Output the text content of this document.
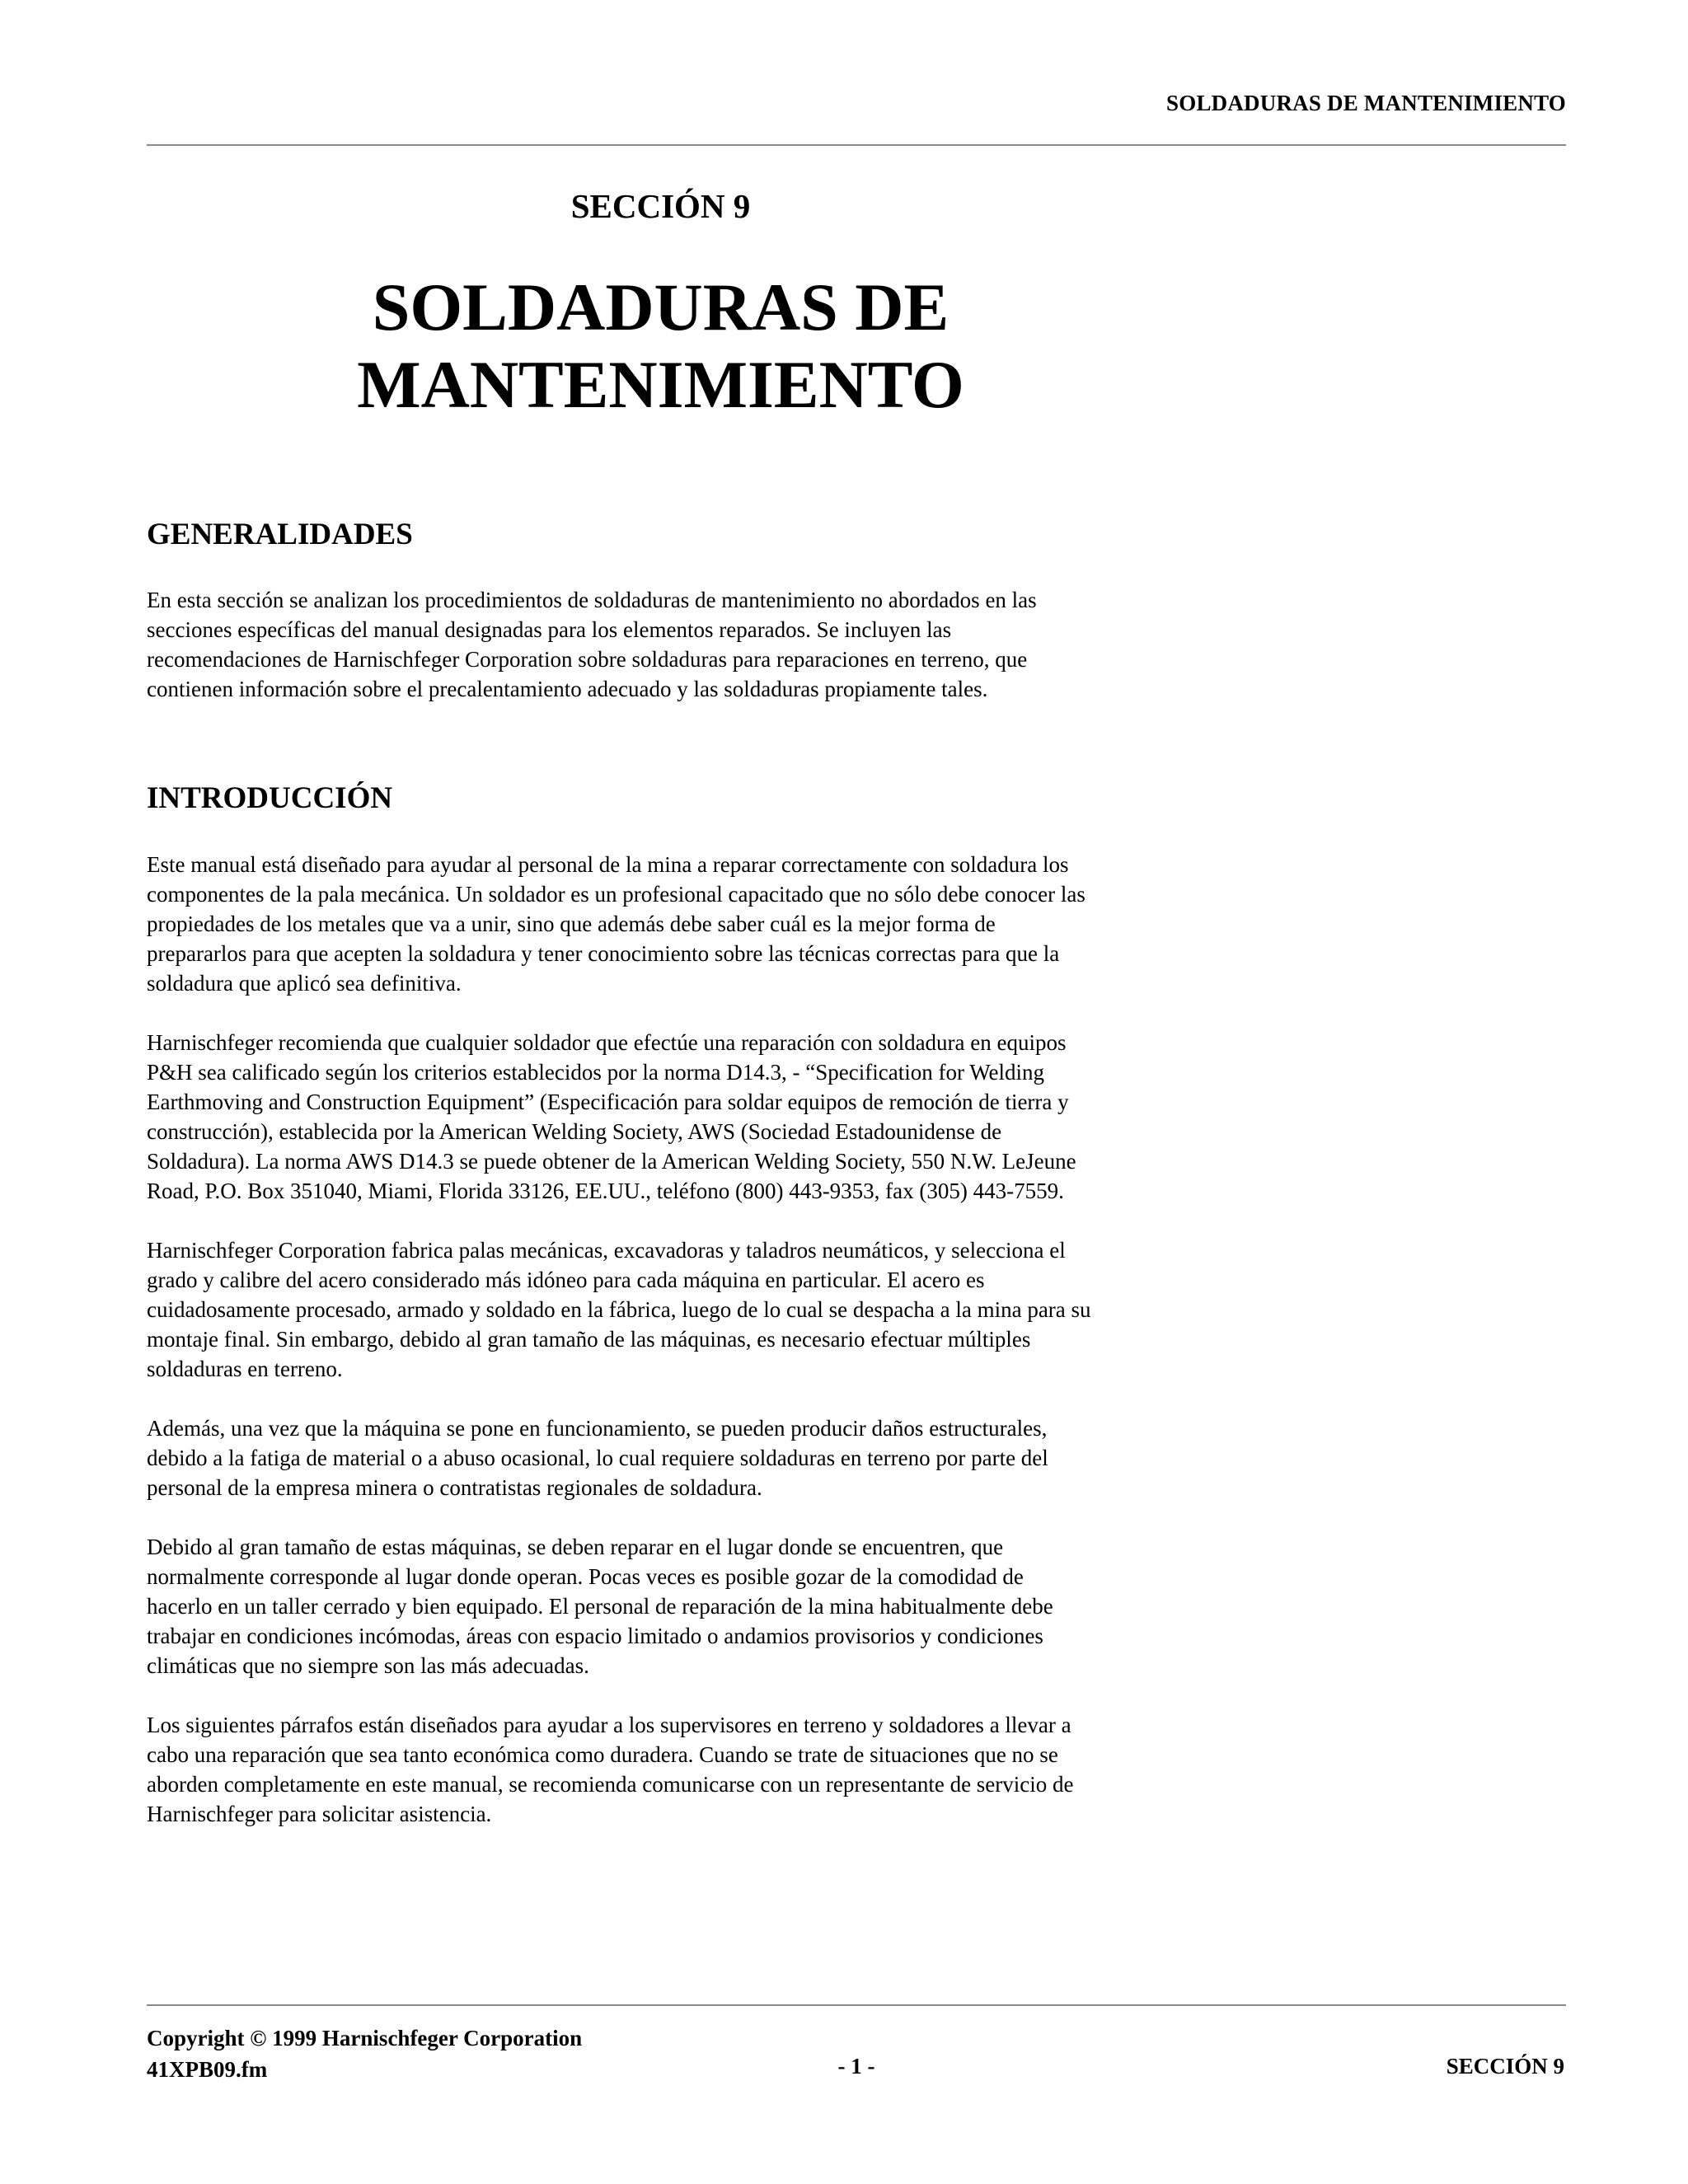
SOLDADURAS DE MANTENIMIENTO
SECCIÓN 9
SOLDADURAS DE
MANTENIMIENTO
GENERALIDADES

En esta sección se analizan los procedimientos de soldaduras de mantenimiento no abordados en las
secciones específicas del manual designadas para los elementos reparados. Se incluyen las
recomendaciones de Harnischfeger Corporation sobre soldaduras para reparaciones en terreno, que
contienen información sobre el precalentamiento adecuado y las soldaduras propiamente tales.

INTRODUCCIÓN

Este manual está diseñado para ayudar al personal de la mina a reparar correctamente con soldadura los
componentes de la pala mecánica. Un soldador es un profesional capacitado que no sólo debe conocer las
propiedades de los metales que va a unir, sino que además debe saber cuál es la mejor forma de
prepararlos para que acepten la soldadura y tener conocimiento sobre las técnicas correctas para que la
soldadura que aplicó sea definitiva.

Harnischfeger recomienda que cualquier soldador que efectúe una reparación con soldadura en equipos
P&H sea calificado según los criterios establecidos por la norma D14.3, - “Specification for Welding
Earthmoving and Construction Equipment” (Especificación para soldar equipos de remoción de tierra y
construcción), establecida por la American Welding Society, AWS (Sociedad Estadounidense de
Soldadura). La norma AWS D14.3 se puede obtener de la American Welding Society, 550 N.W. LeJeune
Road, P.O. Box 351040, Miami, Florida 33126, EE.UU., teléfono (800) 443-9353, fax (305) 443-7559.

Harnischfeger Corporation fabrica palas mecánicas, excavadoras y taladros neumáticos, y selecciona el
grado y calibre del acero considerado más idóneo para cada máquina en particular. El acero es
cuidadosamente procesado, armado y soldado en la fábrica, luego de lo cual se despacha a la mina para su
montaje final. Sin embargo, debido al gran tamaño de las máquinas, es necesario efectuar múltiples
soldaduras en terreno.

Además, una vez que la máquina se pone en funcionamiento, se pueden producir daños estructurales,
debido a la fatiga de material o a abuso ocasional, lo cual requiere soldaduras en terreno por parte del
personal de la empresa minera o contratistas regionales de soldadura.

Debido al gran tamaño de estas máquinas, se deben reparar en el lugar donde se encuentren, que
normalmente corresponde al lugar donde operan. Pocas veces es posible gozar de la comodidad de
hacerlo en un taller cerrado y bien equipado. El personal de reparación de la mina habitualmente debe
trabajar en condiciones incómodas, áreas con espacio limitado o andamios provisorios y condiciones
climáticas que no siempre son las más adecuadas.

Los siguientes párrafos están diseñados para ayudar a los supervisores en terreno y soldadores a llevar a
cabo una reparación que sea tanto económica como duradera. Cuando se trate de situaciones que no se
aborden completamente en este manual, se recomienda comunicarse con un representante de servicio de
Harnischfeger para solicitar asistencia.

Copyright © 1999 Harnischfeger Corporation
41XPB09.fm	- 1 -	SECCIÓN 9
